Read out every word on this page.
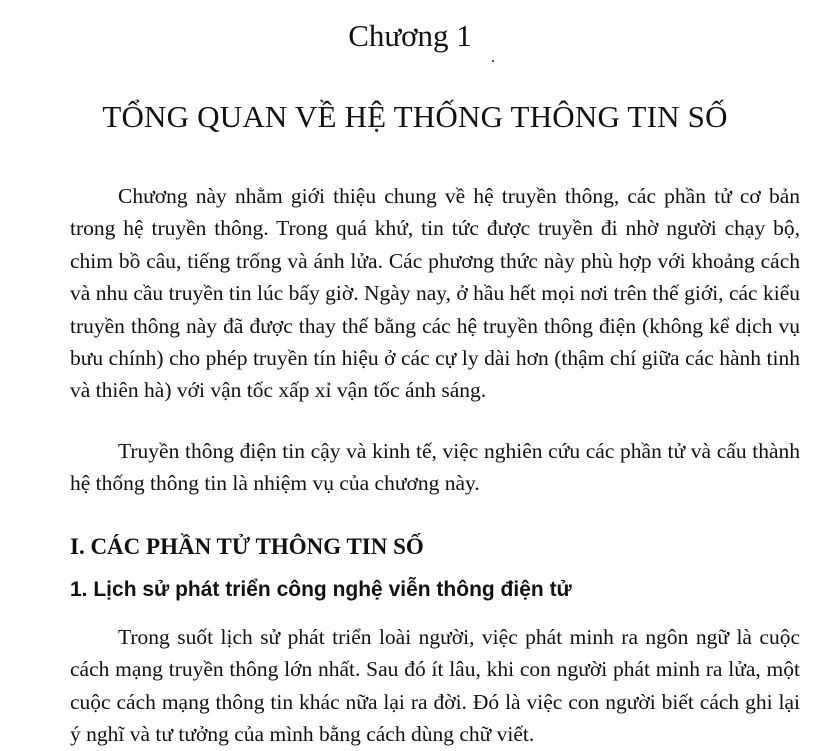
Chương 1
TỔNG QUAN VỀ HỆ THỐNG THÔNG TIN SỐ

Chương này nhằm giới thiệu chung về hệ truyền thông, các phần tử cơ bản trong hệ truyền thông. Trong quá khứ, tin tức được truyền đi nhờ người chạy bộ, chim bồ câu, tiếng trống và ánh lửa. Các phương thức này phù hợp với khoảng cách và nhu cầu truyền tin lúc bấy giờ. Ngày nay, ở hầu hết mọi nơi trên thế giới, các kiểu truyền thông này đã được thay thế bằng các hệ truyền thông điện (không kể dịch vụ bưu chính) cho phép truyền tín hiệu ở các cự ly dài hơn (thậm chí giữa các hành tinh và thiên hà) với vận tốc xấp xỉ vận tốc ánh sáng.

Truyền thông điện tin cậy và kinh tế, việc nghiên cứu các phần tử và cấu thành hệ thống thông tin là nhiệm vụ của chương này.

I. CÁC PHẦN TỬ THÔNG TIN SỐ
1. Lịch sử phát triển công nghệ viễn thông điện tử

Trong suốt lịch sử phát triển loài người, việc phát minh ra ngôn ngữ là cuộc cách mạng truyền thông lớn nhất. Sau đó ít lâu, khi con người phát minh ra lửa, một cuộc cách mạng thông tin khác nữa lại ra đời. Đó là việc con người biết cách ghi lại ý nghĩ và tư tưởng của mình bằng cách dùng chữ viết.
